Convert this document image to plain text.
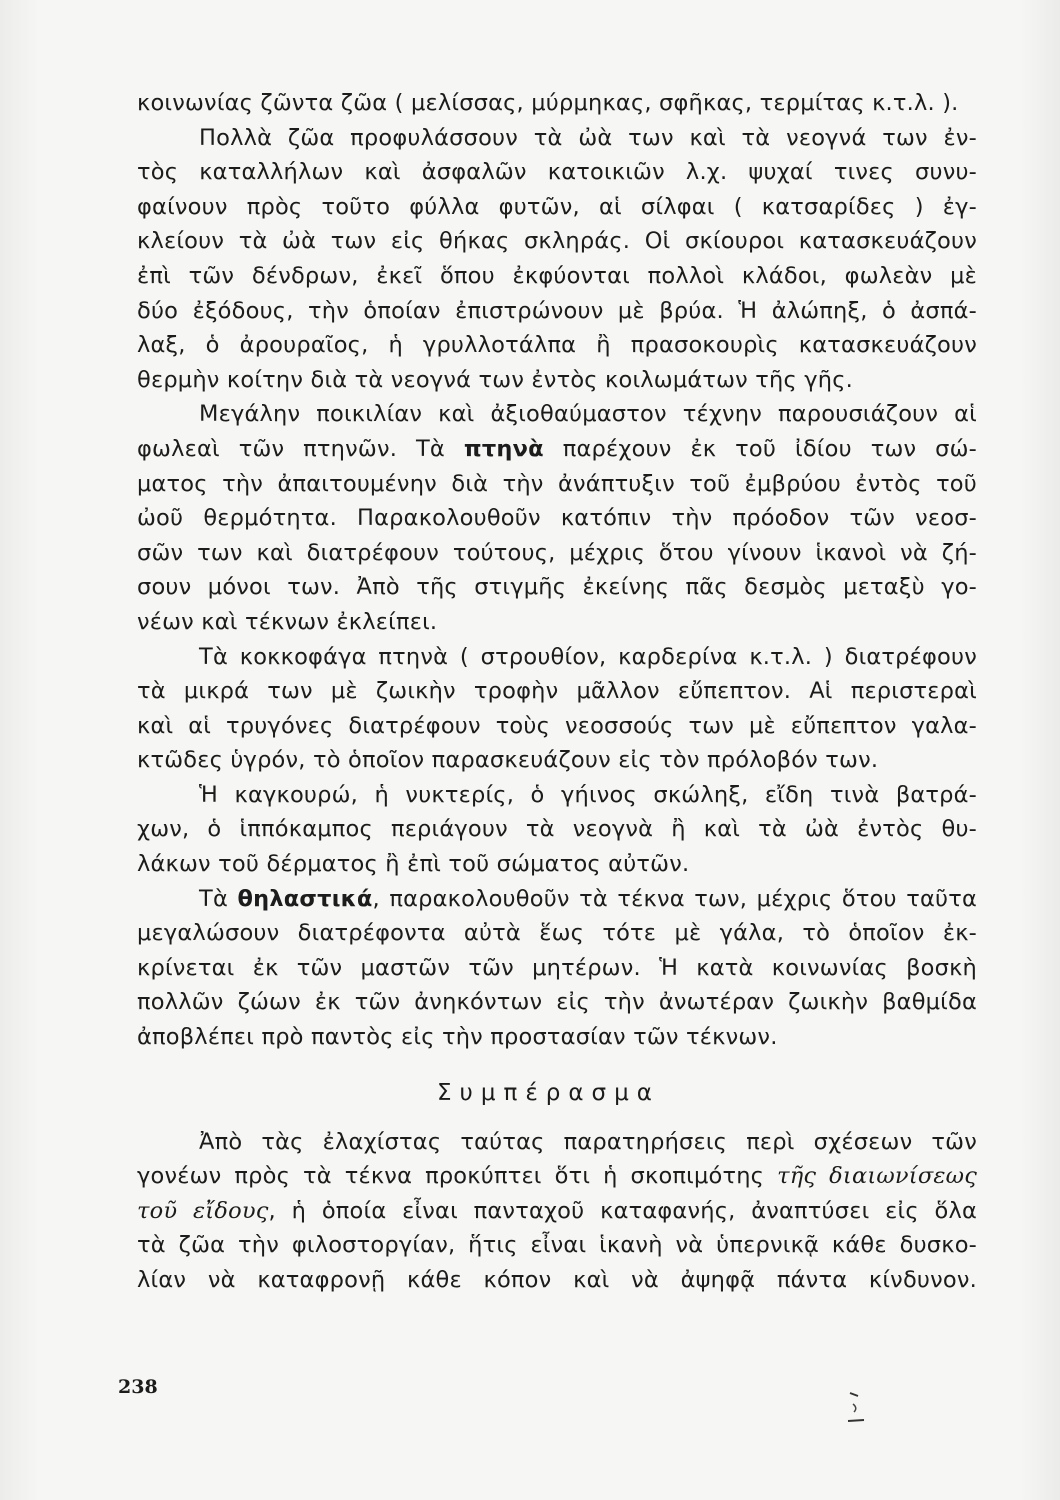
κοινωνίας ζῶντα ζῶα ( μελίσσας, μύρμηκας, σφῆκας, τερμίτας κ.τ.λ. ).
Πολλὰ ζῶα προφυλάσσουν τὰ ὠὰ των καὶ τὰ νεογνά των ἐν-
τὸς καταλλήλων καὶ ἀσφαλῶν κατοικιῶν λ.χ. ψυχαί τινες συνυ-
φαίνουν πρὸς τοῦτο φύλλα φυτῶν, αἱ σίλφαι ( κατσαρίδες ) ἐγ-
κλείουν τὰ ὠὰ των εἰς θήκας σκληράς. Οἱ σκίουροι κατασκευάζουν
ἐπὶ τῶν δένδρων, ἐκεῖ ὅπου ἐκφύονται πολλοὶ κλάδοι, φωλεὰν μὲ
δύο ἐξόδους, τὴν ὁποίαν ἐπιστρώνουν μὲ βρύα. Ἡ ἀλώπηξ, ὁ ἀσπά-
λαξ, ὁ ἀρουραῖος, ἡ γρυλλοτάλπα ἢ πρασοκουρὶς κατασκευάζουν
θερμὴν κοίτην διὰ τὰ νεογνά των ἐντὸς κοιλωμάτων τῆς γῆς.
Μεγάλην ποικιλίαν καὶ ἀξιοθαύμαστον τέχνην παρουσιάζουν αἱ
φωλεαὶ τῶν πτηνῶν. Τὰ πτηνὰ παρέχουν ἐκ τοῦ ἰδίου των σώ-
ματος τὴν ἀπαιτουμένην διὰ τὴν ἀνάπτυξιν τοῦ ἐμβρύου ἐντὸς τοῦ
ὠοῦ θερμότητα. Παρακολουθοῦν κατόπιν τὴν πρόοδον τῶν νεοσ-
σῶν των καὶ διατρέφουν τούτους, μέχρις ὅτου γίνουν ἱκανοὶ νὰ ζή-
σουν μόνοι των. Ἀπὸ τῆς στιγμῆς ἐκείνης πᾶς δεσμὸς μεταξὺ γο-
νέων καὶ τέκνων ἐκλείπει.
Τὰ κοκκοφάγα πτηνὰ ( στρουθίον, καρδερίνα κ.τ.λ. ) διατρέφουν
τὰ μικρά των μὲ ζωικὴν τροφὴν μᾶλλον εὔπεπτον. Αἱ περιστεραὶ
καὶ αἱ τρυγόνες διατρέφουν τοὺς νεοσσούς των μὲ εὔπεπτον γαλα-
κτῶδες ὑγρόν, τὸ ὁποῖον παρασκευάζουν εἰς τὸν πρόλοβόν των.
Ἡ καγκουρώ, ἡ νυκτερίς, ὁ γήινος σκώληξ, εἴδη τινὰ βατρά-
χων, ὁ ἱππόκαμπος περιάγουν τὰ νεογνὰ ἢ καὶ τὰ ὠὰ ἐντὸς θυ-
λάκων τοῦ δέρματος ἢ ἐπὶ τοῦ σώματος αὐτῶν.
Τὰ θηλαστικά, παρακολουθοῦν τὰ τέκνα των, μέχρις ὅτου ταῦτα
μεγαλώσουν διατρέφοντα αὐτὰ ἕως τότε μὲ γάλα, τὸ ὁποῖον ἐκ-
κρίνεται ἐκ τῶν μαστῶν τῶν μητέρων. Ἡ κατὰ κοινωνίας βοσκὴ
πολλῶν ζώων ἐκ τῶν ἀνηκόντων εἰς τὴν ἀνωτέραν ζωικὴν βαθμίδα
ἀποβλέπει πρὸ παντὸς εἰς τὴν προστασίαν τῶν τέκνων.
Συμπέρασμα
Ἀπὸ τὰς ἐλαχίστας ταύτας παρατηρήσεις περὶ σχέσεων τῶν
γονέων πρὸς τὰ τέκνα προκύπτει ὅτι ἡ σκοπιμότης τῆς διαιωνίσεως
τοῦ εἴδους, ἡ ὁποία εἶναι πανταχοῦ καταφανής, ἀναπτύσει εἰς ὅλα
τὰ ζῶα τὴν φιλοστοργίαν, ἥτις εἶναι ἱκανὴ νὰ ὑπερνικᾷ κάθε δυσκο-
λίαν νὰ καταφρονῇ κάθε κόπον καὶ νὰ ἀψηφᾷ πάντα κίνδυνον.
238
